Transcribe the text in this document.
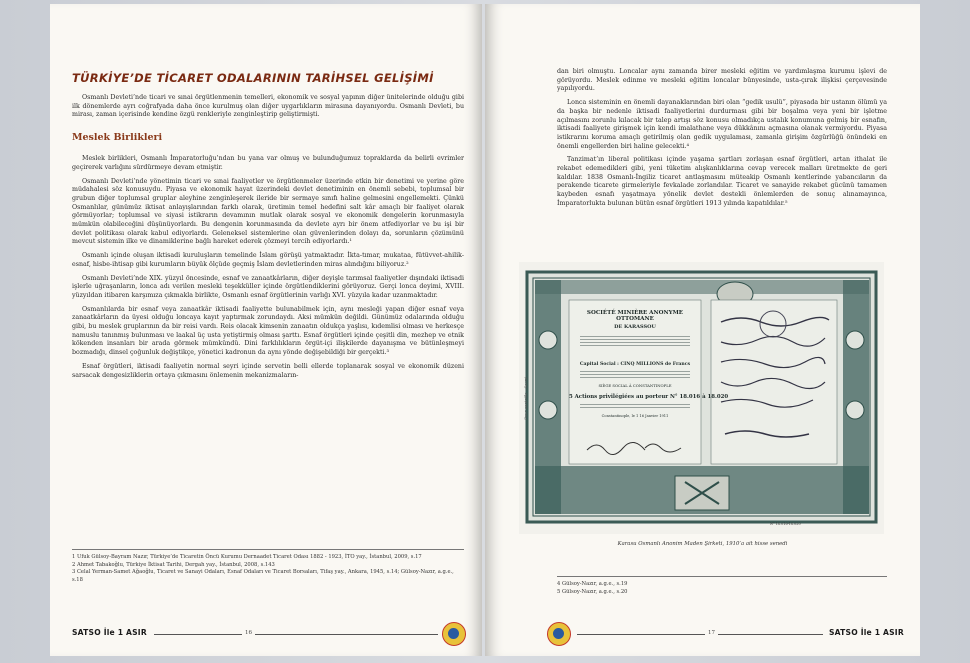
TÜRKİYE’DE TİCARET ODALARININ TARİHSEL GELİŞİMİ

Osmanlı Devleti’nde ticari ve sınai örgütlenmenin temelleri, ekonomik ve sosyal yapının diğer ünitelerinde olduğu gibi ilk dönemlerde ayrı coğrafyada daha önce kurulmuş olan diğer uygarlıkların mirasına dayanıyordu. Osmanlı Devleti, bu mirası, zaman içerisinde kendine özgü renkleriyle zenginleştirip geliştirmişti.

Meslek Birlikleri

Meslek birlikleri, Osmanlı İmparatorluğu’ndan bu yana var olmuş ve bulunduğumuz topraklarda da belirli evrimler geçirerek varlığını sürdürmeye devam etmiştir.

Osmanlı Devleti’nde yönetimin ticari ve sınai faaliyetler ve örgütlenmeler üzerinde etkin bir denetimi ve yerine göre müdahalesi söz konusuydu. Piyasa ve ekonomik hayat üzerindeki devlet denetiminin en önemli sebebi, toplumsal bir grubun diğer toplumsal gruplar aleyhine zenginleşerek ileride bir sermaye sınıfı haline gelmesini engellemekti. Çünkü Osmanlılar, günümüz iktisat anlayışlarından farklı olarak, üretimin temel hedefini salt kâr amaçlı bir faaliyet olarak görmüyorlar; toplumsal ve siyasi istikrarın devamının mutlak olarak sosyal ve ekonomik dengelerin korunmasıyla mümkün olabileceğini düşünüyorlardı. Bu dengenin korunmasında da devlete ayrı bir önem atfediyorlar ve bu işi bir devlet politikası olarak kabul ediyorlardı. Geleneksel sistemlerine olan güvenlerinden dolayı da, sorunların çözümünü mevcut sistemin ilke ve dinamiklerine bağlı hareket ederek çözmeyi tercih ediyorlardı.¹

Osmanlı içinde oluşan iktisadi kuruluşların temelinde İslam görüşü yatmaktadır. İkta-tımar, mukataa, fütüvvet-ahilik-esnaf, hisbe-ihtisap gibi kurumların büyük ölçüde geçmiş İslam devletlerinden miras alındığını biliyoruz.²

Osmanlı Devleti’nde XIX. yüzyıl öncesinde, esnaf ve zanaatkârların, diğer deyişle tarımsal faaliyetler dışındaki iktisadi işlerle uğraşanların, lonca adı verilen mesleki teşekküller içinde örgütlendiklerini görüyoruz. Gerçi lonca deyimi, XVIII. yüzyıldan itibaren karşımıza çıkmakla birlikte, Osmanlı esnaf örgütlerinin varlığı XVI. yüzyıla kadar uzanmaktadır.

Osmanlılarda bir esnaf veya zanaatkâr iktisadi faaliyette bulunabilmek için, aynı mesleği yapan diğer esnaf veya zanaatkârların da üyesi olduğu loncaya kayıt yaptırmak zorundaydı. Aksi mümkün değildi. Günümüz odalarında olduğu gibi, bu meslek gruplarının da bir reisi vardı. Reis olacak kimsenin zanaatın oldukça yaşlısı, kıdemlisi olması ve herkesçe namuslu tanınmış bulunması ve laakal üç usta yetiştirmiş olması şarttı. Esnaf örgütleri içinde çeşitli din, mezhep ve etnik kökenden insanları bir arada görmek mümkündü. Dini farklılıkların örgüt-içi ilişkilerde dayanışma ve bütünleşmeyi bozmadığı, dinsel çoğunluk değiştikçe, yönetici kadronun da aynı yönde değişebildiği bir gerçekti.³

Esnaf örgütleri, iktisadi faaliyetin normal seyri içinde servetin belli ellerde toplanarak sosyal ve ekonomik düzeni sarsacak dengesizliklerin ortaya çıkmasını önlemenin mekanizmaların-

1 Ufuk Gülsoy-Bayram Nazır, Türkiye’de Ticaretin Öncü Kurumu Dernaadet Ticaret Odası 1882 - 1923, İTO yay., İstanbul, 2009, s.17

2 Ahmet Tabakoğlu, Türkiye İktisat Tarihi, Dergah yay., İstanbul, 2008, s.143

3 Celal Yerman-Samet Ağaoğlu, Ticaret ve Sanayi Odaları, Esnaf Odaları ve Ticaret Borsaları, Tifaş yay., Ankara, 1945, s.14; Gülsoy-Nazır, a.g.e., s.18

SATSO İle 1 ASIR	16

dan biri olmuştu. Loncalar aynı zamanda birer mesleki eğitim ve yardımlaşma kurumu işlevi de görüyordu. Meslek edinme ve mesleki eğitim loncalar bünyesinde, usta-çırak ilişkisi çerçevesinde yapılıyordu.

Lonca sisteminin en önemli dayanaklarından biri olan “gedik usulü”, piyasada bir ustanın ölümü ya da başka bir nedenle iktisadi faaliyetlerini durdurması gibi bir boşalma veya yeni bir işletme açılmasını zorunlu kılacak bir talep artışı söz konusu olmadıkça ustalık konumuna gelmiş bir esnafın, iktisadi faaliyete girişmek için kendi imalathane veya dükkânını açmasına olanak vermiyordu. Piyasa istikrarını koruma amaçlı getirilmiş olan gedik uygulaması, zamanla girişim özgürlüğü önündeki en önemli engellerden biri haline gelecekti.⁴

Tanzimat’ın liberal politikası içinde yaşama şartları zorlaşan esnaf örgütleri, artan ithalat ile rekabet edemedikleri gibi, yeni tüketim alışkanlıklarına cevap verecek malları üretmekte de geri kaldılar. 1838 Osmanlı-İngiliz ticaret antlaşmasını müteakip Osmanlı kentlerinde yabancıların da perakende ticarete girmeleriyle fevkalade zorlandılar. Ticaret ve sanayide rekabet gücünü tamamen kaybeden esnafı yaşatmaya yönelik devlet destekli önlemlerden de sonuç alınamayınca, İmparatorlukta bulunan bütün esnaf örgütleri 1913 yılında kapatıldılar.⁵

SOCIÉTÉ MINIÈRE ANONYME OTTOMANE
DE KARASSOU
Capital Social : CINQ MILLIONS de Francs
SIÈGE SOCIAL À CONSTANTINOPLE
5 Actions privilégiées au porteur N° 18.016 à 18.020
Constantinople, le 1 16 Janvier 1911
Pour contrôle : Sacré
N° 18.016-18.020
Karasu Osmanlı Anonim Maden Şirketi, 1910’a ait hisse senedi

4 Gülsoy-Nazır, a.g.e., s.19

5 Gülsoy-Nazır, a.g.e., s.20

17	SATSO İle 1 ASIR
